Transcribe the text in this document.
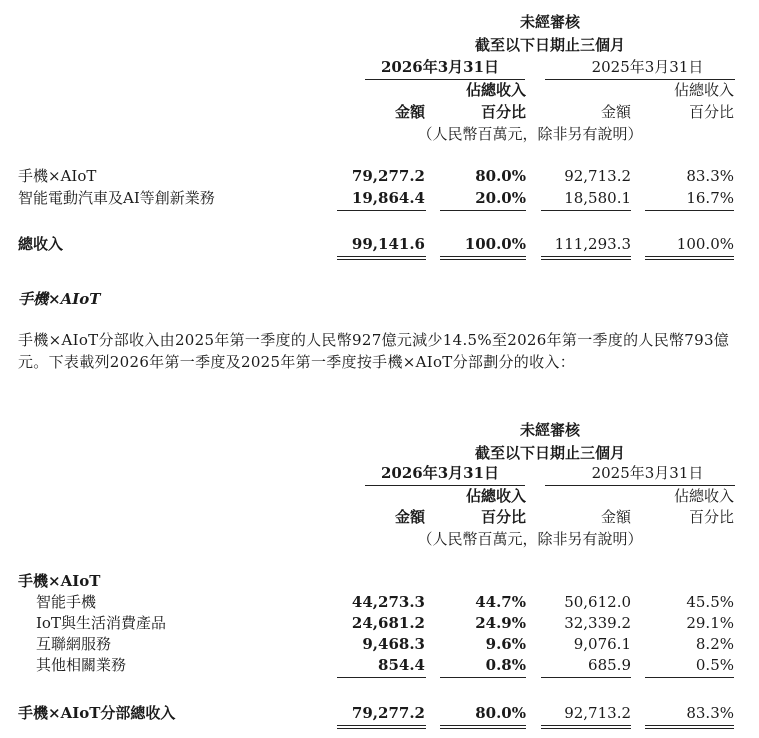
未經審核
截至以下日期止三個月
2026年3月31日	2025年3月31日
佔總收入	佔總收入
金額	百分比	金額	百分比
（人民幣百萬元，除非另有說明）
手機×AIoT	79,277.2	80.0%	92,713.2	83.3%
智能電動汽車及AI等創新業務	19,864.4	20.0%	18,580.1	16.7%
總收入	99,141.6	100.0%	111,293.3	100.0%
手機×AIoT
手機×AIoT分部收入由2025年第一季度的人民幣927億元減少14.5%至2026年第一季度的人民幣793億元。下表載列2026年第一季度及2025年第一季度按手機×AIoT分部劃分的收入：
未經審核
截至以下日期止三個月
2026年3月31日	2025年3月31日
佔總收入	佔總收入
金額	百分比	金額	百分比
（人民幣百萬元，除非另有說明）
手機×AIoT
智能手機	44,273.3	44.7%	50,612.0	45.5%
IoT與生活消費產品	24,681.2	24.9%	32,339.2	29.1%
互聯網服務	9,468.3	9.6%	9,076.1	8.2%
其他相關業務	854.4	0.8%	685.9	0.5%
手機×AIoT分部總收入	79,277.2	80.0%	92,713.2	83.3%
